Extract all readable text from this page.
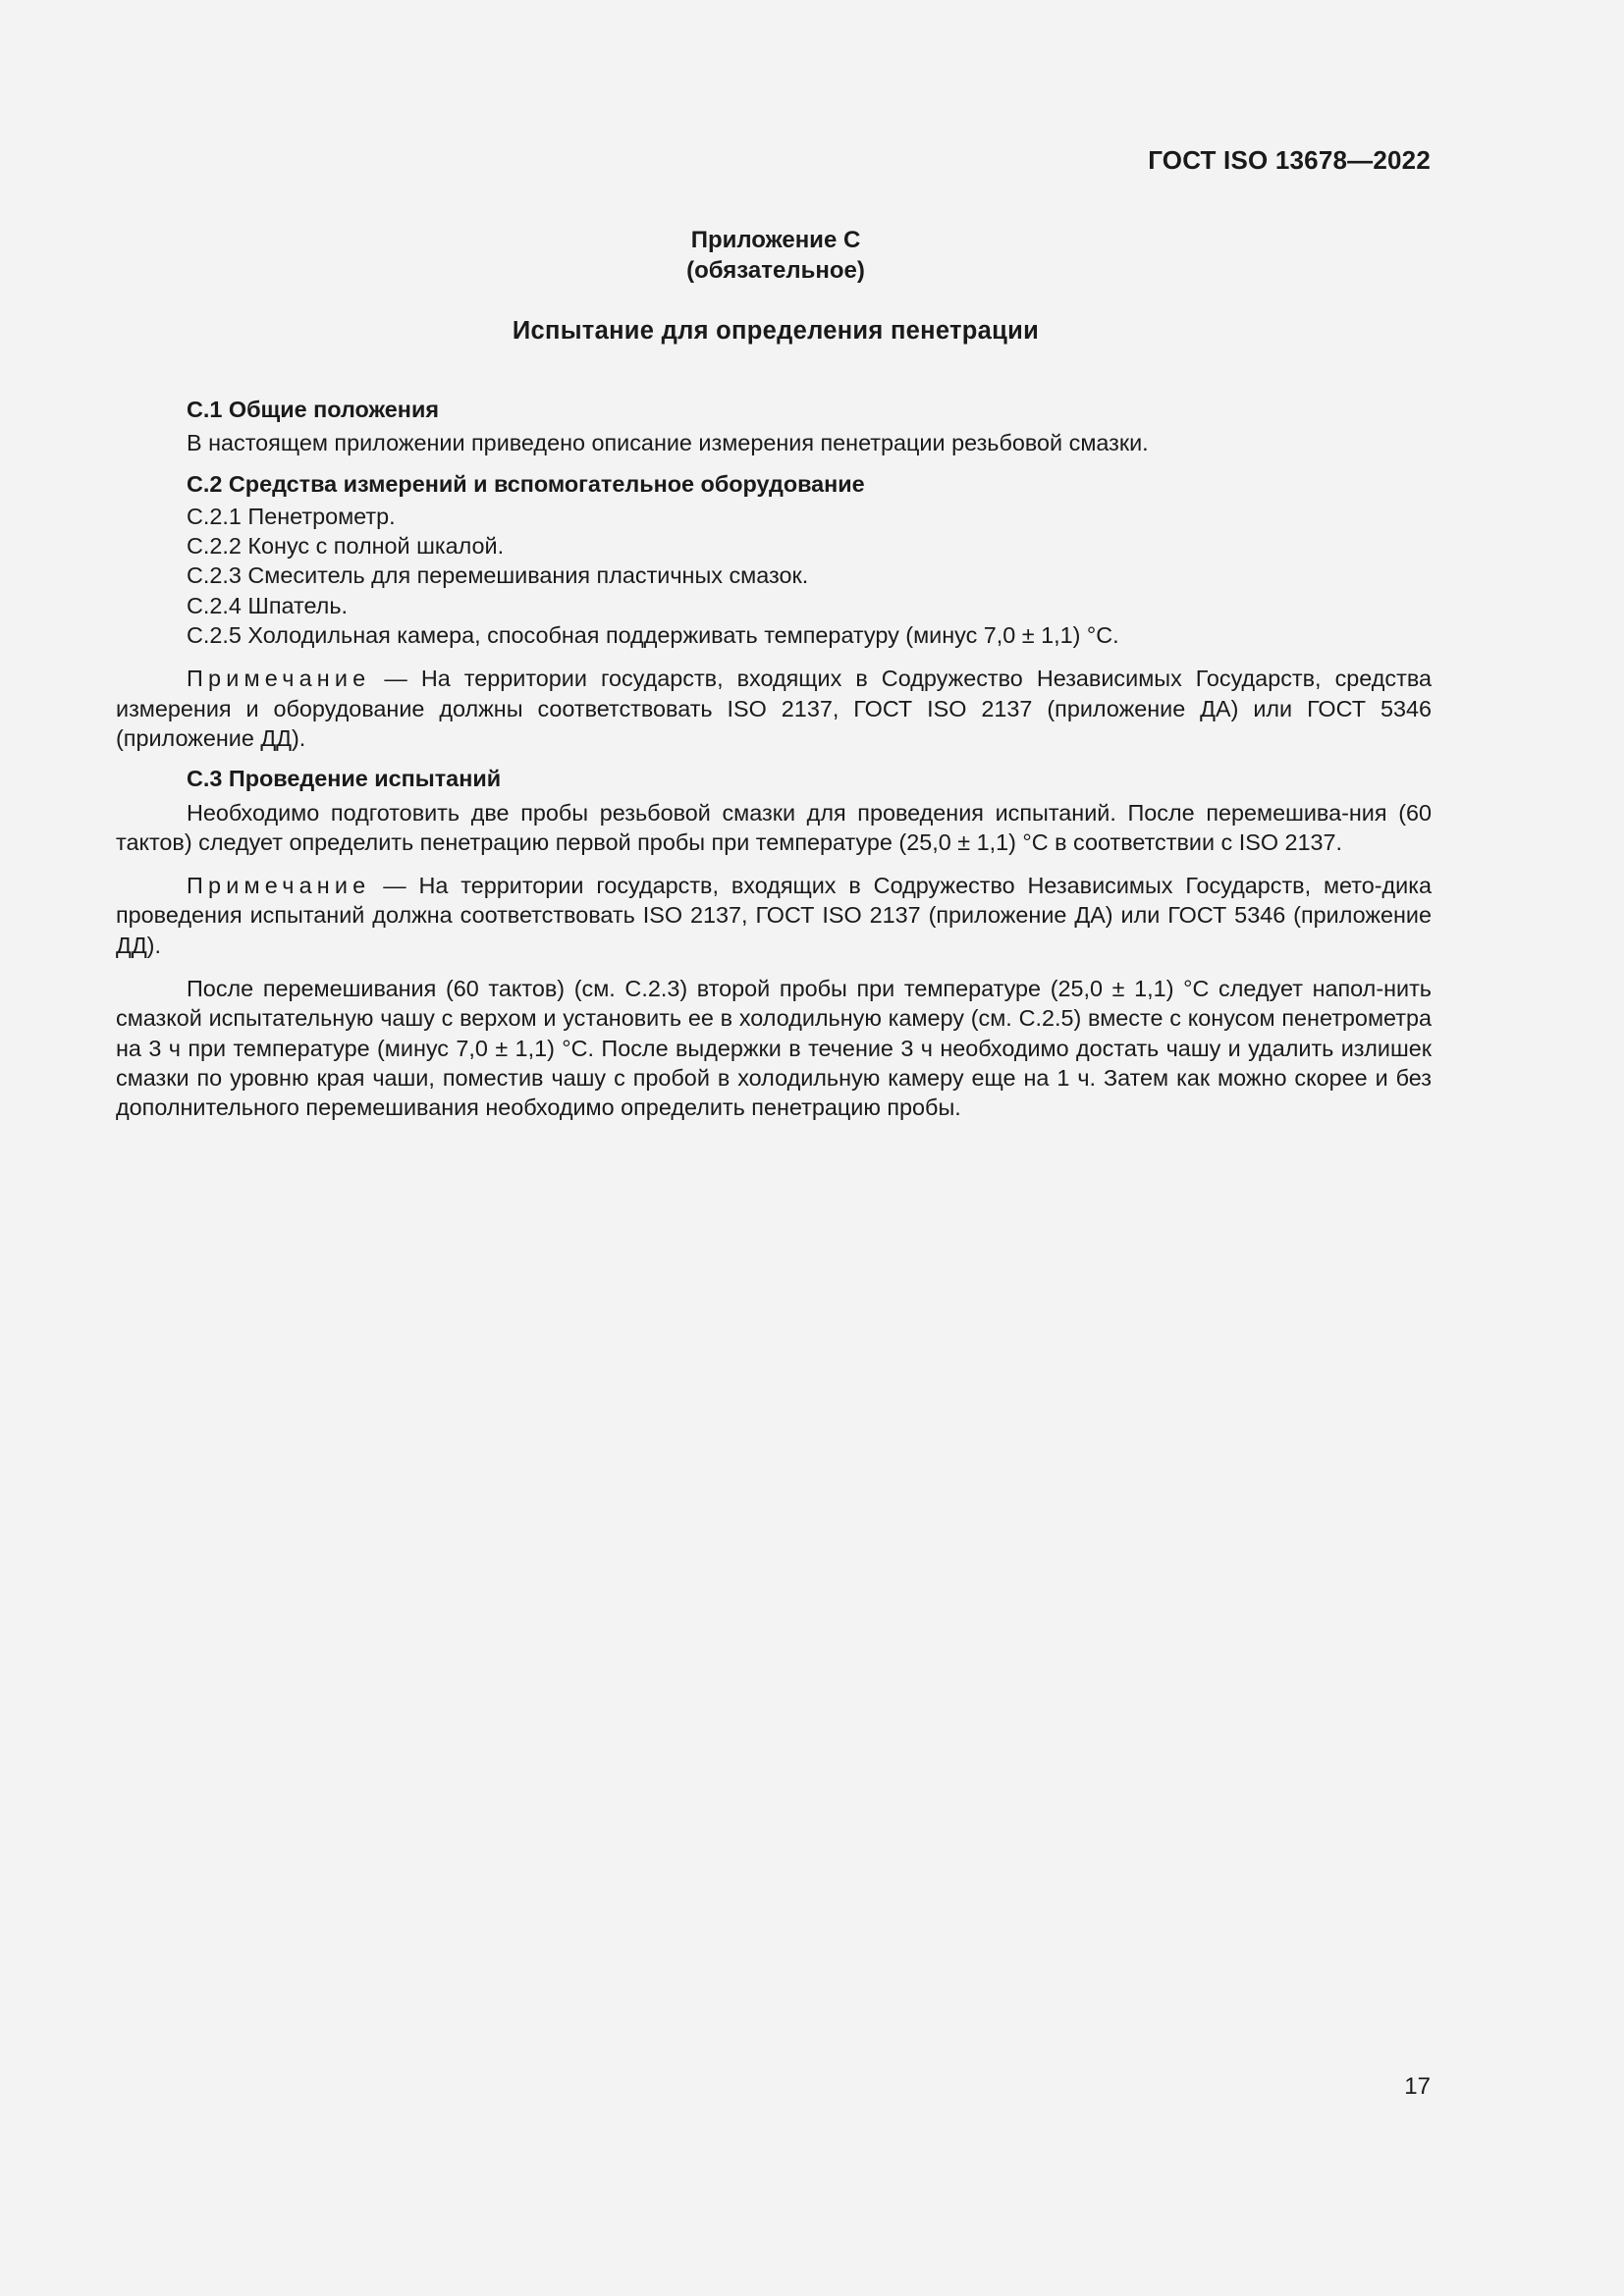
ГОСТ ISO 13678—2022
Приложение С
(обязательное)
Испытание для определения пенетрации

С.1 Общие положения

В настоящем приложении приведено описание измерения пенетрации резьбовой смазки.

С.2 Средства измерений и вспомогательное оборудование

С.2.1 Пенетрометр.

С.2.2 Конус с полной шкалой.

С.2.3 Смеситель для перемешивания пластичных смазок.

С.2.4 Шпатель.

С.2.5 Холодильная камера, способная поддерживать температуру (минус 7,0 ± 1,1) °С.

Примечание — На территории государств, входящих в Содружество Независимых Государств, средства измерения и оборудование должны соответствовать ISO 2137, ГОСТ ISO 2137 (приложение ДА) или ГОСТ 5346 (приложение ДД).

С.3 Проведение испытаний

Необходимо подготовить две пробы резьбовой смазки для проведения испытаний. После перемешива-ния (60 тактов) следует определить пенетрацию первой пробы при температуре (25,0 ± 1,1) °С в соответствии с ISO 2137.

Примечание — На территории государств, входящих в Содружество Независимых Государств, мето-дика проведения испытаний должна соответствовать ISO 2137, ГОСТ ISO 2137 (приложение ДА) или ГОСТ 5346 (приложение ДД).

После перемешивания (60 тактов) (см. С.2.3) второй пробы при температуре (25,0 ± 1,1) °С следует напол-нить смазкой испытательную чашу с верхом и установить ее в холодильную камеру (см. С.2.5) вместе с конусом пенетрометра на 3 ч при температуре (минус 7,0 ± 1,1) °С. После выдержки в течение 3 ч необходимо достать чашу и удалить излишек смазки по уровню края чаши, поместив чашу с пробой в холодильную камеру еще на 1 ч. Затем как можно скорее и без дополнительного перемешивания необходимо определить пенетрацию пробы.

17
